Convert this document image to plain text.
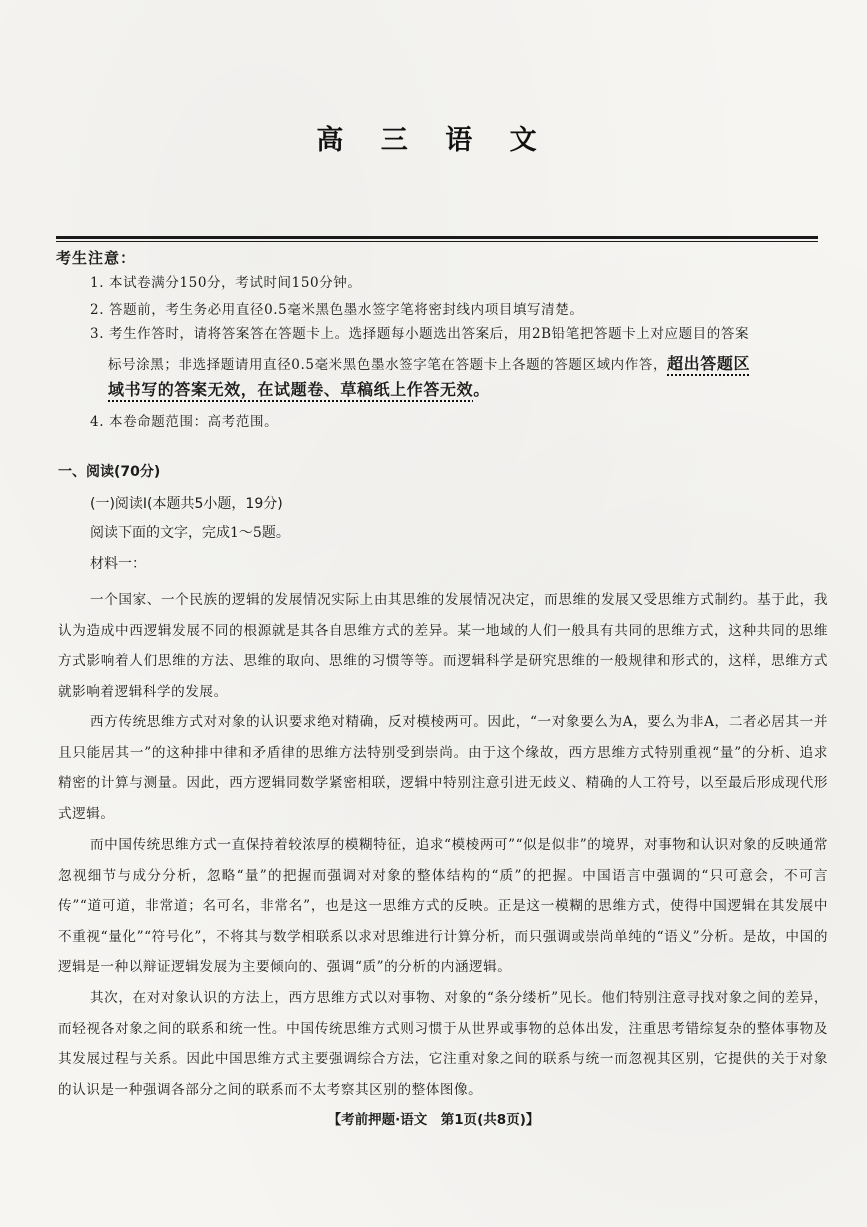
高 三 语 文
考生注意：
1. 本试卷满分150分，考试时间150分钟。
2. 答题前，考生务必用直径0.5毫米黑色墨水签字笔将密封线内项目填写清楚。
3. 考生作答时，请将答案答在答题卡上。选择题每小题选出答案后，用2B铅笔把答题卡上对应题目的答案
标号涂黑；非选择题请用直径0.5毫米黑色墨水签字笔在答题卡上各题的答题区域内作答，超出答题区
域书写的答案无效，在试题卷、草稿纸上作答无效。
4. 本卷命题范围：高考范围。
一、阅读(70分)
(一)阅读Ⅰ(本题共5小题，19分)
阅读下面的文字，完成1～5题。
材料一：

一个国家、一个民族的逻辑的发展情况实际上由其思维的发展情况决定，而思维的发展又受思维方式制约。基于此，我认为造成中西逻辑发展不同的根源就是其各自思维方式的差异。某一地域的人们一般具有共同的思维方式，这种共同的思维方式影响着人们思维的方法、思维的取向、思维的习惯等等。而逻辑科学是研究思维的一般规律和形式的，这样，思维方式就影响着逻辑科学的发展。

西方传统思维方式对对象的认识要求绝对精确，反对模棱两可。因此，“一对象要么为A，要么为非A，二者必居其一并且只能居其一”的这种排中律和矛盾律的思维方法特别受到崇尚。由于这个缘故，西方思维方式特别重视“量”的分析、追求精密的计算与测量。因此，西方逻辑同数学紧密相联，逻辑中特别注意引进无歧义、精确的人工符号，以至最后形成现代形式逻辑。

而中国传统思维方式一直保持着较浓厚的模糊特征，追求“模棱两可”“似是似非”的境界，对事物和认识对象的反映通常忽视细节与成分分析，忽略“量”的把握而强调对对象的整体结构的“质”的把握。中国语言中强调的“只可意会，不可言传”“道可道，非常道；名可名，非常名”，也是这一思维方式的反映。正是这一模糊的思维方式，使得中国逻辑在其发展中不重视“量化”“符号化”，不将其与数学相联系以求对思维进行计算分析，而只强调或崇尚单纯的“语义”分析。是故，中国的逻辑是一种以辩证逻辑发展为主要倾向的、强调“质”的分析的内涵逻辑。

其次，在对对象认识的方法上，西方思维方式以对事物、对象的“条分缕析”见长。他们特别注意寻找对象之间的差异，而轻视各对象之间的联系和统一性。中国传统思维方式则习惯于从世界或事物的总体出发，注重思考错综复杂的整体事物及其发展过程与关系。因此中国思维方式主要强调综合方法，它注重对象之间的联系与统一而忽视其区别，它提供的关于对象的认识是一种强调各部分之间的联系而不太考察其区别的整体图像。

【考前押题·语文　第1页(共8页)】
